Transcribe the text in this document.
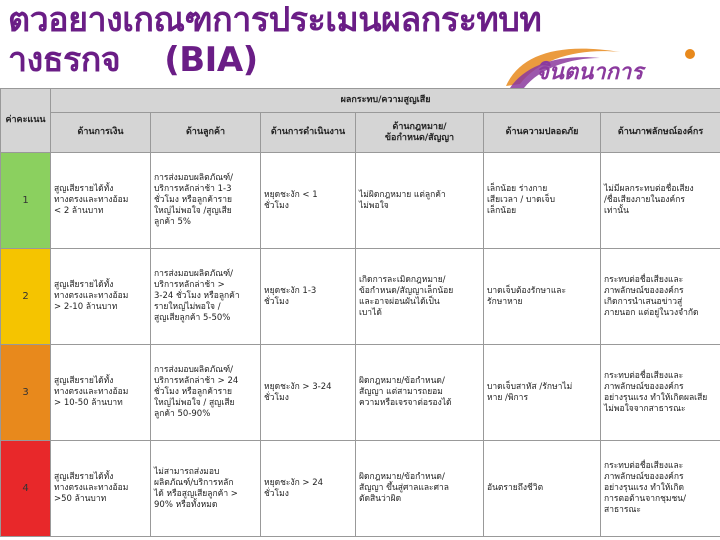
ตวอยางเกณฑการประเมนผลกระทบท
างธรกจ (BIA)	จินตนาการ
ค่าคะแนน	ผลกระทบ/ความสูญเสีย					
	ด้านการเงิน	ด้านลูกค้า	ด้านการดำเนินงาน	ด้านกฎหมาย/
ข้อกำหนด/สัญญา	ด้านความปลอดภัย	ด้านภาพลักษณ์องค์กร
1	สูญเสียรายได้ทั้ง
ทางตรงและทางอ้อม
< 2 ล้านบาท	การส่งมอบผลิตภัณฑ์/
บริการหลักล่าช้า 1-3
ชั่วโมง หรือลูกค้าราย
ใหญ่ไม่พอใจ /สูญเสีย
ลูกค้า 5%	หยุดชะงัก < 1
ชั่วโมง	ไม่ผิดกฎหมาย แต่ลูกค้า
ไม่พอใจ	เล็กน้อย ร่างกาย
เสียเวลา / บาดเจ็บ
เล็กน้อย	ไม่มีผลกระทบต่อชื่อเสียง
/ชื่อเสียงภายในองค์กร
เท่านั้น
2	สูญเสียรายได้ทั้ง
ทางตรงและทางอ้อม
> 2-10 ล้านบาท	การส่งมอบผลิตภัณฑ์/
บริการหลักล่าช้า >
3-24 ชั่วโมง หรือลูกค้า
รายใหญ่ไม่พอใจ /
สูญเสียลูกค้า 5-50%	หยุดชะงัก 1-3
ชั่วโมง	เกิดการละเมิดกฎหมาย/
ข้อกำหนด/สัญญาเล็กน้อย
และอาจผ่อนผันได้เป็น
เบาได้	บาดเจ็บต้องรักษาและ
รักษาหาย	กระทบต่อชื่อเสียงและ
ภาพลักษณ์ขององค์กร
เกิดการนำเสนอข่าวสู่
ภายนอก แต่อยู่ในวงจำกัด
3	สูญเสียรายได้ทั้ง
ทางตรงและทางอ้อม
> 10-50 ล้านบาท	การส่งมอบผลิตภัณฑ์/
บริการหลักล่าช้า > 24
ชั่วโมง หรือลูกค้าราย
ใหญ่ไม่พอใจ / สูญเสีย
ลูกค้า 50-90%	หยุดชะงัก > 3-24
ชั่วโมง	ผิดกฎหมาย/ข้อกำหนด/
สัญญา แต่สามารถยอม
ความหรือเจรจาต่อรองได้	บาดเจ็บสาหัส /รักษาไม่
หาย /พิการ	กระทบต่อชื่อเสียงและ
ภาพลักษณ์ขององค์กร
อย่างรุนแรง ทำให้เกิดผลเสีย
ไม่พอใจจากสาธารณะ
4	สูญเสียรายได้ทั้ง
ทางตรงและทางอ้อม
>50 ล้านบาท	ไม่สามารถส่งมอบ
ผลิตภัณฑ์/บริการหลัก
ได้ หรือสูญเสียลูกค้า >
90% หรือทั้งหมด	หยุดชะงัก > 24
ชั่วโมง	ผิดกฎหมาย/ข้อกำหนด/
สัญญา ขึ้นสู่ศาลและศาล
ตัดสินว่าผิด	อันตรายถึงชีวิต	กระทบต่อชื่อเสียงและ
ภาพลักษณ์ขององค์กร
อย่างรุนแรง ทำให้เกิด
การตอต้านจากชุมชน/
สาธารณะ
